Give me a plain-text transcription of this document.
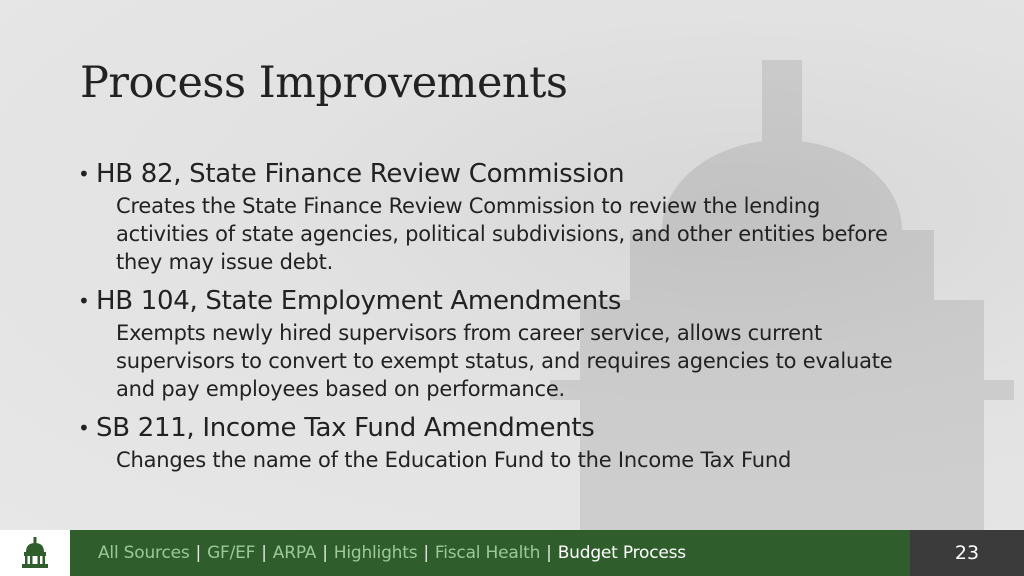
Process Improvements
• HB 82, State Finance Review Commission
Creates the State Finance Review Commission to review the lending activities of state agencies, political subdivisions, and other entities before they may issue debt.
• HB 104, State Employment Amendments
Exempts newly hired supervisors from career service, allows current supervisors to convert to exempt status, and requires agencies to evaluate and pay employees based on performance.
• SB 211, Income Tax Fund Amendments
Changes the name of the Education Fund to the Income Tax Fund
All Sources | GF/EF | ARPA | Highlights | Fiscal Health | Budget Process	23
